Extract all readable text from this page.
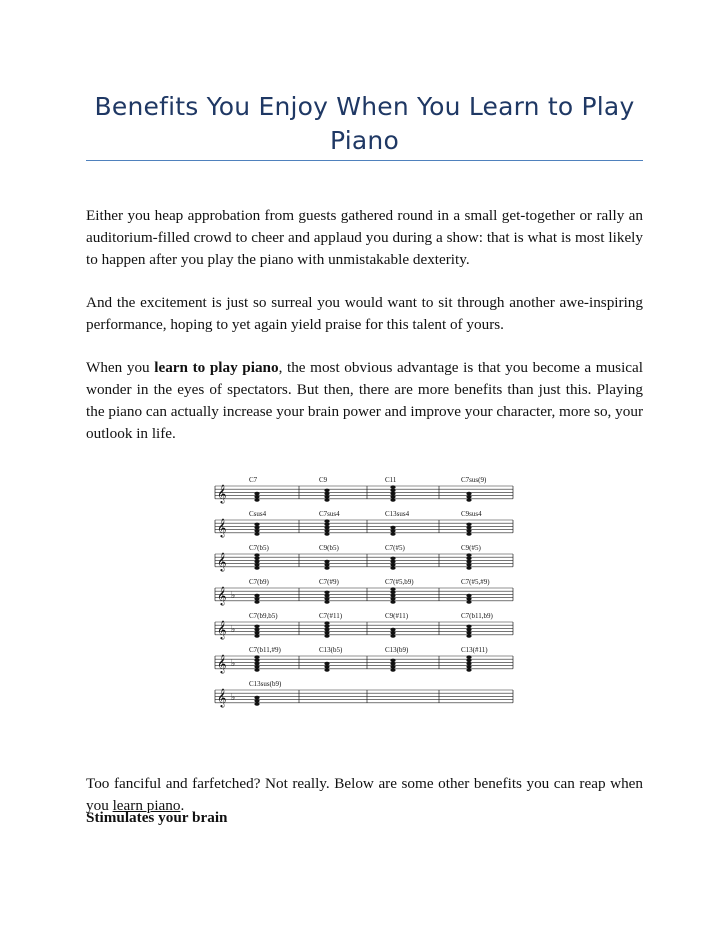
Benefits You Enjoy When You Learn to Play Piano

Either you heap approbation from guests gathered round in a small get-together or rally an auditorium-filled crowd to cheer and applaud you during a show: that is what is most likely to happen after you play the piano with unmistakable dexterity.

And the excitement is just so surreal you would want to sit through another awe-inspiring performance, hoping to yet again yield praise for this talent of yours.

When you learn to play piano, the most obvious advantage is that you become a musical wonder in the eyes of spectators. But then, there are more benefits than just this. Playing the piano can actually increase your brain power and improve your character, more so, your outlook in life.

𝄞
C7	C9	C11	C7sus(9)
𝄞
Csus4	C7sus4	C13sus4	C9sus4
𝄞
C7(b5)	C9(b5)	C7(#5)	C9(#5)
𝄞 ♭
C7(b9)	C7(#9)	C7(#5,b9)	C7(#5,#9)
𝄞 ♭
C7(b9,b5)	C7(#11)	C9(#11)	C7(b11,b9)
𝄞 ♭
C7(b11,#9)	C13(b5)	C13(b9)	C13(#11)
𝄞 ♭
C13sus(b9)

Too fanciful and farfetched? Not really. Below are some other benefits you can reap when you learn piano.

Stimulates your brain
